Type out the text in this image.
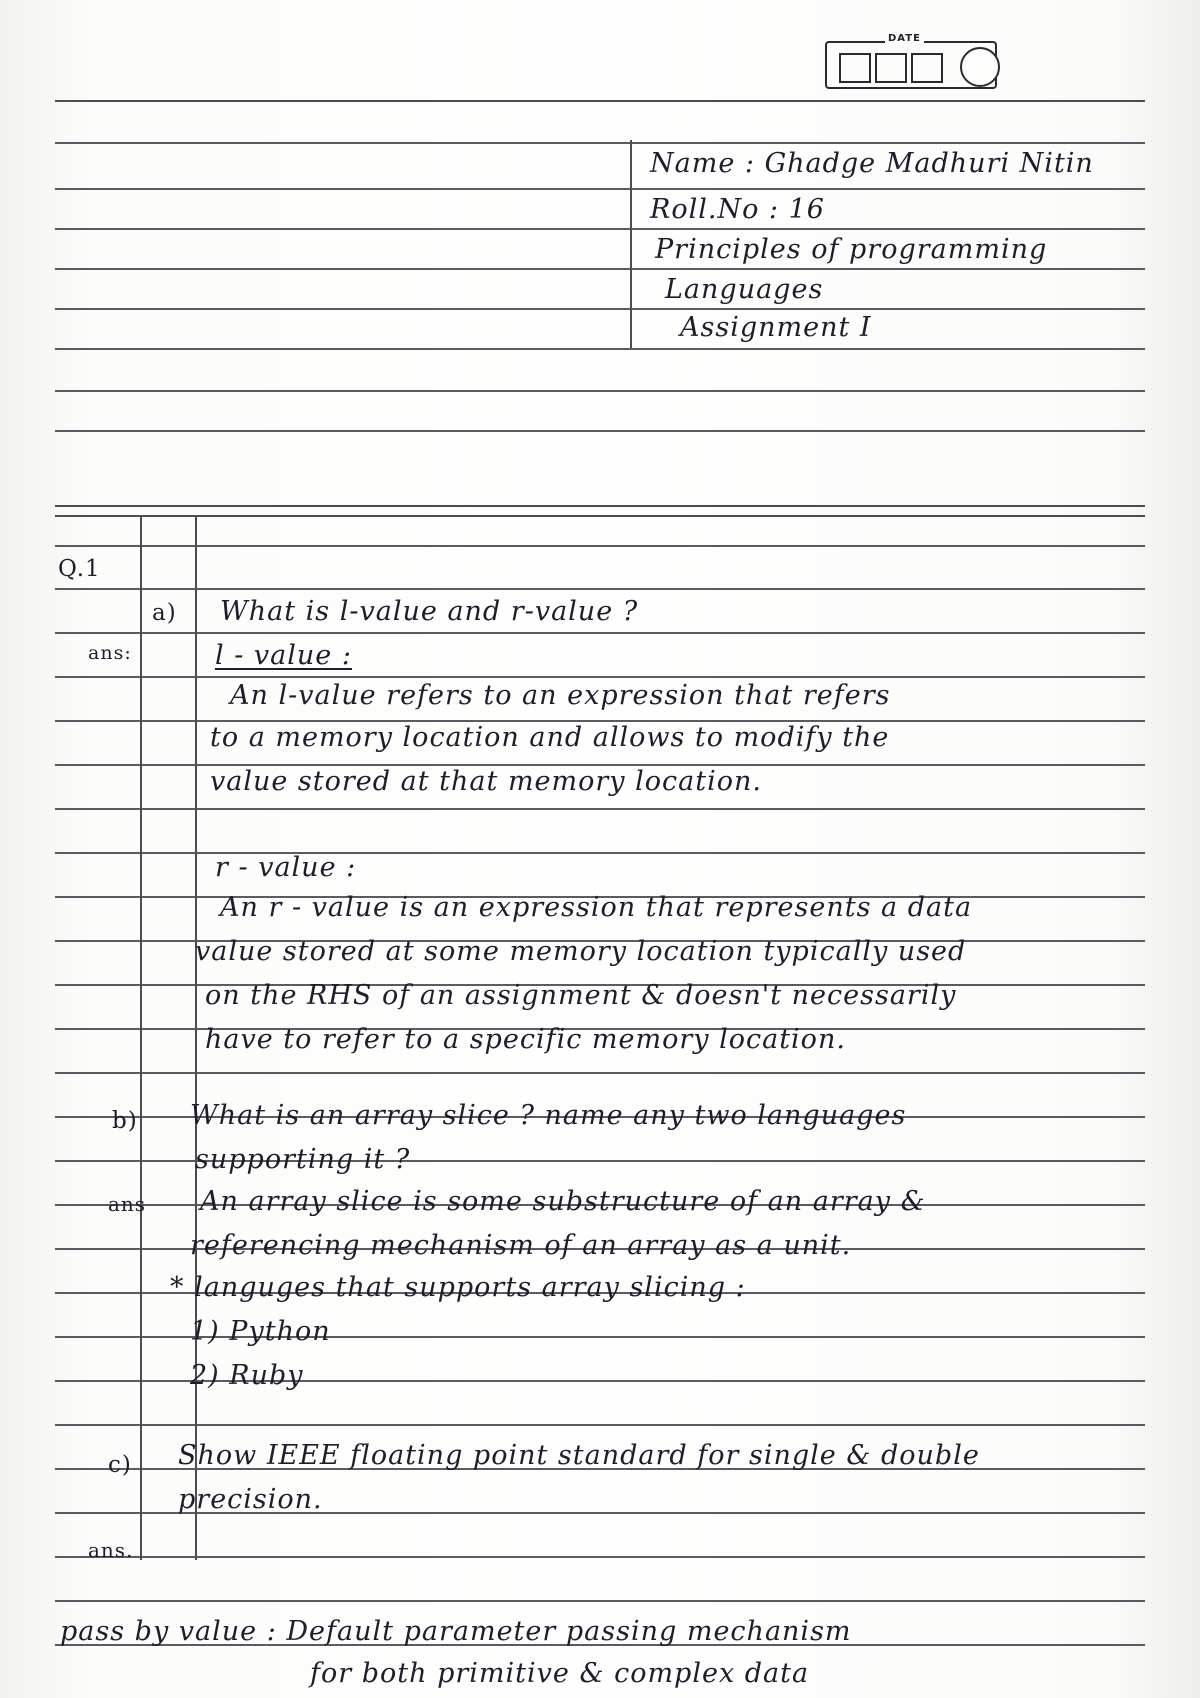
DATE
Name : Ghadge Madhuri Nitin
Roll.No : 16
Principles of programming
Languages
Assignment I
Q.1
a) What is l-value and r-value ?
ans:	l - value :
An l-value refers to an expression that refers
to a memory location and allows to modify the
value stored at that memory location.
r - value :
An r - value is an expression that represents a data
value stored at some memory location typically used
on the RHS of an assignment & doesn't necessarily
have to refer to a specific memory location.
b) What is an array slice ? name any two languages
supporting it ?
ans An array slice is some substructure of an array &
referencing mechanism of an array as a unit.
* languges that supports array slicing :
1) Python
2) Ruby
c) Show IEEE floating point standard for single & double
precision.
ans.
pass by value : Default parameter passing mechanism
for both primitive & complex data
